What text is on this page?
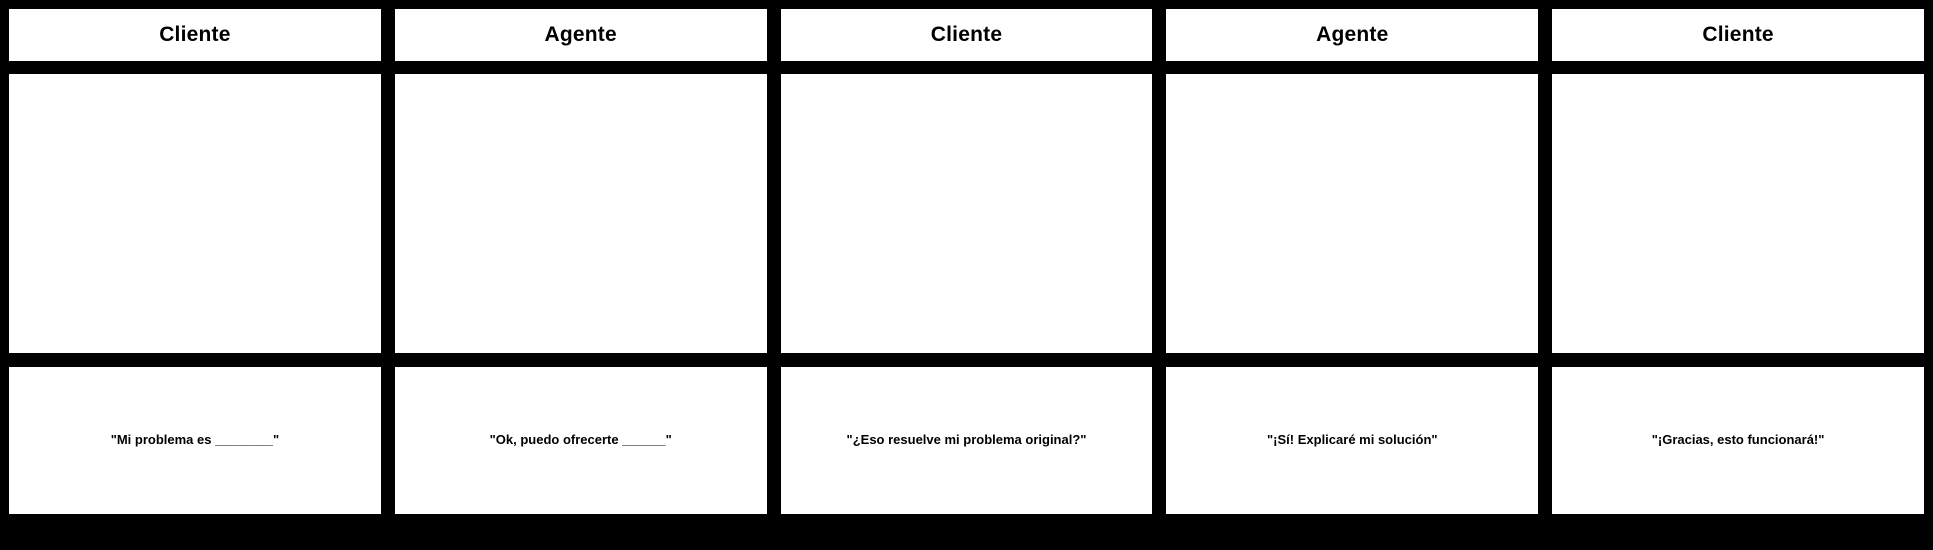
Cliente
"Mi problema es ________"
Agente
"Ok, puedo ofrecerte ______"
Cliente
"¿Eso resuelve mi problema original?"
Agente
"¡Sí! Explicaré mi solución"
Cliente
"¡Gracias, esto funcionará!"
